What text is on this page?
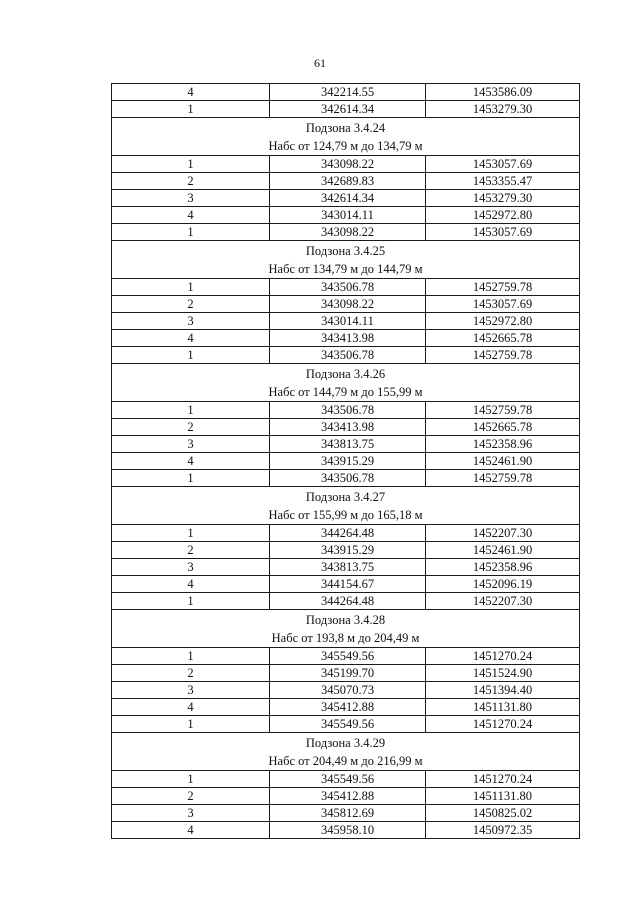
61
4	342214.55	1453586.09
1	342614.34	1453279.30

Подзона 3.4.24
Набс от 124,79 м до 134,79 м		

1	343098.22	1453057.69
2	342689.83	1453355.47
3	342614.34	1453279.30
4	343014.11	1452972.80
1	343098.22	1453057.69

Подзона 3.4.25
Набс от 134,79 м до 144,79 м		

1	343506.78	1452759.78
2	343098.22	1453057.69
3	343014.11	1452972.80
4	343413.98	1452665.78
1	343506.78	1452759.78

Подзона 3.4.26
Набс от 144,79 м до 155,99 м		

1	343506.78	1452759.78
2	343413.98	1452665.78
3	343813.75	1452358.96
4	343915.29	1452461.90
1	343506.78	1452759.78

Подзона 3.4.27
Набс от 155,99 м до 165,18 м		

1	344264.48	1452207.30
2	343915.29	1452461.90
3	343813.75	1452358.96
4	344154.67	1452096.19
1	344264.48	1452207.30

Подзона 3.4.28
Набс от 193,8 м до 204,49 м		

1	345549.56	1451270.24
2	345199.70	1451524.90
3	345070.73	1451394.40
4	345412.88	1451131.80
1	345549.56	1451270.24

Подзона 3.4.29
Набс от 204,49 м до 216,99 м		

1	345549.56	1451270.24
2	345412.88	1451131.80
3	345812.69	1450825.02
4	345958.10	1450972.35
